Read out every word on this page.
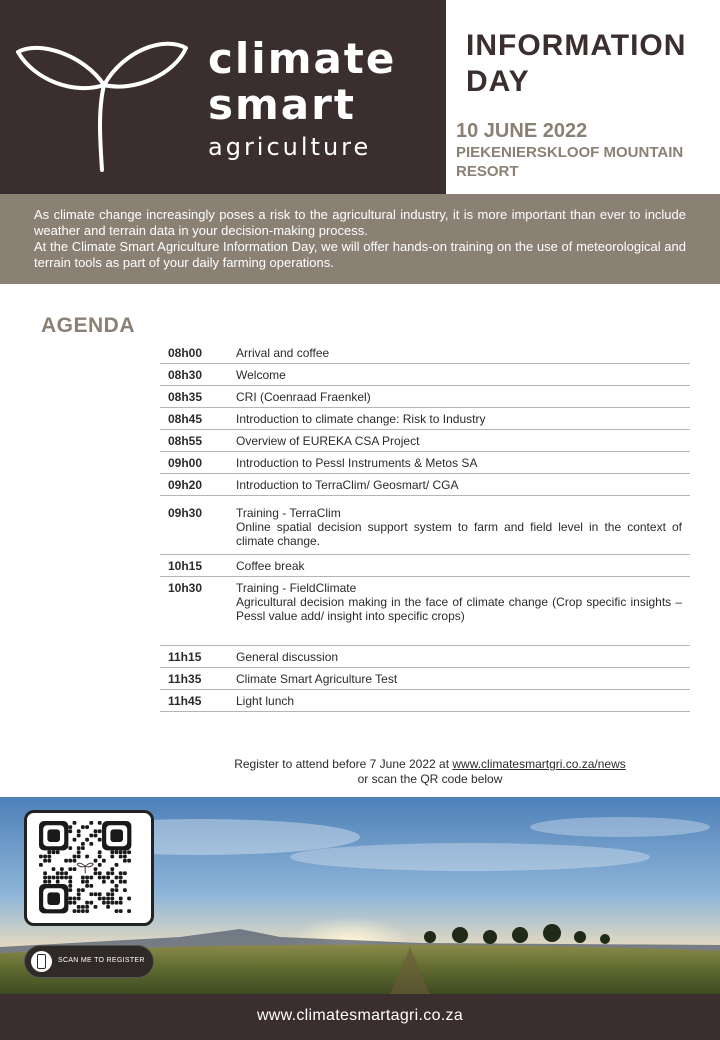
climate
smart
agriculture
INFORMATION
DAY
10 JUNE 2022
PIEKENIERSKLOOF MOUNTAIN RESORT

As climate change increasingly poses a risk to the agricultural industry, it is more important than ever to include weather and terrain data in your decision-making process.

At the Climate Smart Agriculture Information Day, we will offer hands-on training on the use of meteorological and terrain tools as part of your daily farming operations.

AGENDA
08h00	Arrival and coffee
08h30	Welcome
08h35	CRI (Coenraad Fraenkel)
08h45	Introduction to climate change: Risk to Industry
08h55	Overview of EUREKA CSA Project
09h00	Introduction to Pessl Instruments & Metos SA
09h20	Introduction to TerraClim/ Geosmart/ CGA
09h30	Training - TerraClim
Online spatial decision support system to farm and field level in the context of climate change.
10h15	Coffee break
10h30	Training - FieldClimate
Agricultural decision making in the face of climate change (Crop specific insights – Pessl value add/ insight into specific crops)
11h15	General discussion
11h35	Climate Smart Agriculture Test
11h45	Light lunch
Register to attend before 7 June 2022 at www.climatesmartgri.co.za/news
or scan the QR code below
SCAN ME TO REGISTER
www.climatesmartagri.co.za
